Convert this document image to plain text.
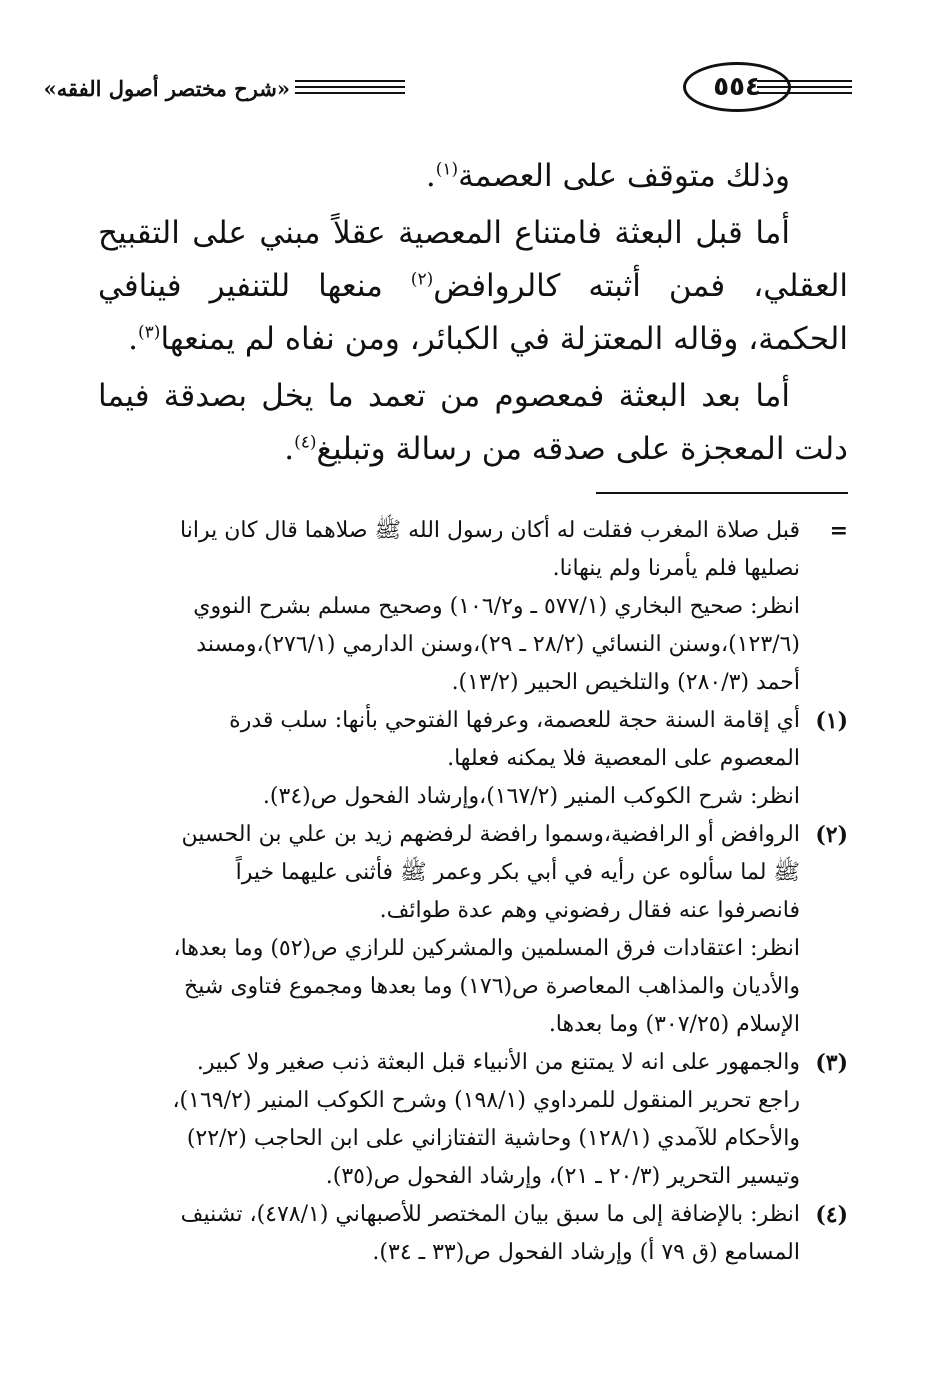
٥٥٤
«شرح مختصر أصول الفقه»

وذلك متوقف على العصمة$^{(١)}$.

أما قبل البعثة فامتناع المعصية عقلاً مبني على التقبيح العقلي، فمن أثبته كالروافض$^{(٢)}$ منعها للتنفير فينافي الحكمة، وقاله المعتزلة في الكبائر، ومن نفاه لم يمنعها$^{(٣)}$.

أما بعد البعثة فمعصوم من تعمد ما يخل بصدقة فيما دلت المعجزة على صدقه من رسالة وتبليغ$^{(٤)}$.

=
قبل صلاة المغرب فقلت له أكان رسول الله ﷺ صلاهما قال كان يرانا
نصليها فلم يأمرنا ولم ينهانا.
انظر: صحيح البخاري (٥٧٧/١ ـ و١٠٦/٢) وصحيح مسلم بشرح النووي
(١٢٣/٦)،وسنن النسائي (٢٨/٢ ـ ٢٩)،وسنن الدارمي (٢٧٦/١)،ومسند
أحمد (٢٨٠/٣) والتلخيص الحبير (١٣/٢).
(١)
أي إقامة السنة حجة للعصمة، وعرفها الفتوحي بأنها: سلب قدرة
المعصوم على المعصية فلا يمكنه فعلها.
انظر: شرح الكوكب المنير (١٦٧/٢)،وإرشاد الفحول ص(٣٤).
(٢)
الروافض أو الرافضية،وسموا رافضة لرفضهم زيد بن علي بن الحسين
ﷺ لما سألوه عن رأيه في أبي بكر وعمر ﷺ فأثنى عليهما خيراً
فانصرفوا عنه فقال رفضوني وهم عدة طوائف.
انظر: اعتقادات فرق المسلمين والمشركين للرازي ص(٥٢) وما بعدها،
والأديان والمذاهب المعاصرة ص(١٧٦) وما بعدها ومجموع فتاوى شيخ
الإسلام (٣٠٧/٢٥) وما بعدها.
(٣)
والجمهور على انه لا يمتنع من الأنبياء قبل البعثة ذنب صغير ولا كبير.
راجع تحرير المنقول للمرداوي (١٩٨/١) وشرح الكوكب المنير (١٦٩/٢)،
والأحكام للآمدي (١٢٨/١) وحاشية التفتازاني على ابن الحاجب (٢٢/٢)
وتيسير التحرير (٢٠/٣ ـ ٢١)، وإرشاد الفحول ص(٣٥).
(٤)
انظر: بالإضافة إلى ما سبق بيان المختصر للأصبهاني (٤٧٨/١)، تشنيف
المسامع (ق ٧٩ أ) وإرشاد الفحول ص(٣٣ ـ ٣٤).
